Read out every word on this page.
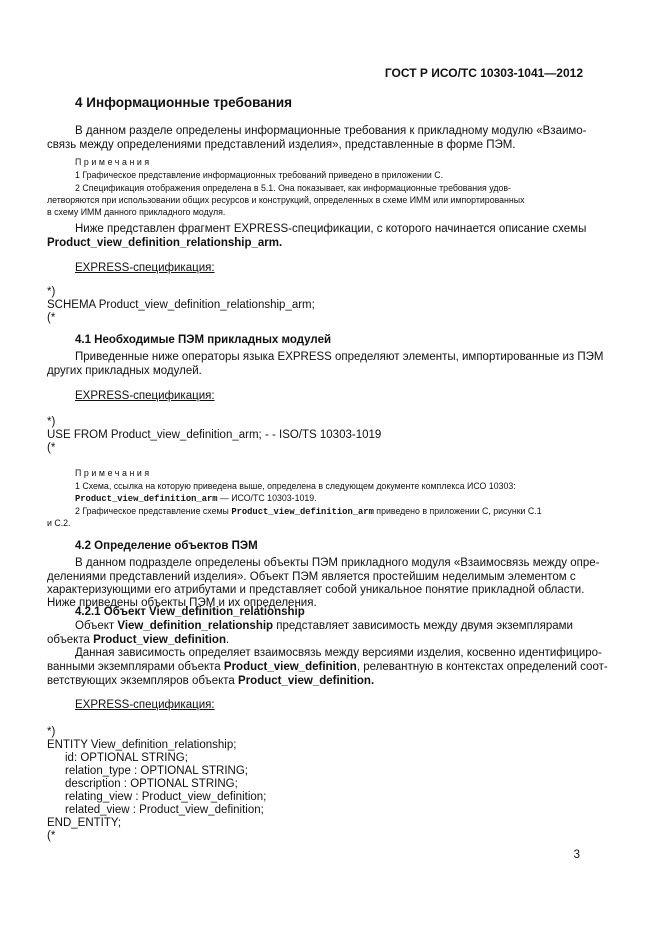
ГОСТ Р ИСО/ТС 10303-1041—2012
4 Информационные требования
В данном разделе определены информационные требования к прикладному модулю «Взаимо-
связь между определениями представлений изделия», представленные в форме ПЭМ.
Примечания
1 Графическое представление информационных требований приведено в приложении С.
2 Спецификация отображения определена в 5.1. Она показывает, как информационные требования удов-
летворяются при использовании общих ресурсов и конструкций, определенных в схеме ИММ или импортированных
в схему ИММ данного прикладного модуля.
Ниже представлен фрагмент EXPRESS-спецификации, с которого начинается описание схемы
Product_view_definition_relationship_arm.
EXPRESS-спецификация:
*)
SCHEMA Product_view_definition_relationship_arm;
(*
4.1 Необходимые ПЭМ прикладных модулей
Приведенные ниже операторы языка EXPRESS определяют элементы, импортированные из ПЭМ
других прикладных модулей.
EXPRESS-спецификация:
*)
USE FROM Product_view_definition_arm; - - ISO/TS 10303-1019
(*
Примечания
1 Схема, ссылка на которую приведена выше, определена в следующем документе комплекса ИСО 10303:
Product_view_definition_arm — ИСО/ТС 10303-1019.
2 Графическое представление схемы Product_view_definition_arm приведено в приложении С, рисунки С.1
и С.2.
4.2 Определение объектов ПЭМ
В данном подразделе определены объекты ПЭМ прикладного модуля «Взаимосвязь между опре-
делениями представлений изделия». Объект ПЭМ является простейшим неделимым элементом с
характеризующими его атрибутами и представляет собой уникальное понятие прикладной области.
Ниже приведены объекты ПЭМ и их определения.
4.2.1 Объект View_definition_relationship
Объект View_definition_relationship представляет зависимость между двумя экземплярами
объекта Product_view_definition.
Данная зависимость определяет взаимосвязь между версиями изделия, косвенно идентифициро-
ванными экземплярами объекта Product_view_definition, релевантную в контекстах определений соот-
ветствующих экземпляров объекта Product_view_definition.
EXPRESS-спецификация:
*)
ENTITY View_definition_relationship;
id: OPTIONAL STRING;
relation_type : OPTIONAL STRING;
description : OPTIONAL STRING;
relating_view : Product_view_definition;
related_view : Product_view_definition;
END_ENTITY;
(*
3
